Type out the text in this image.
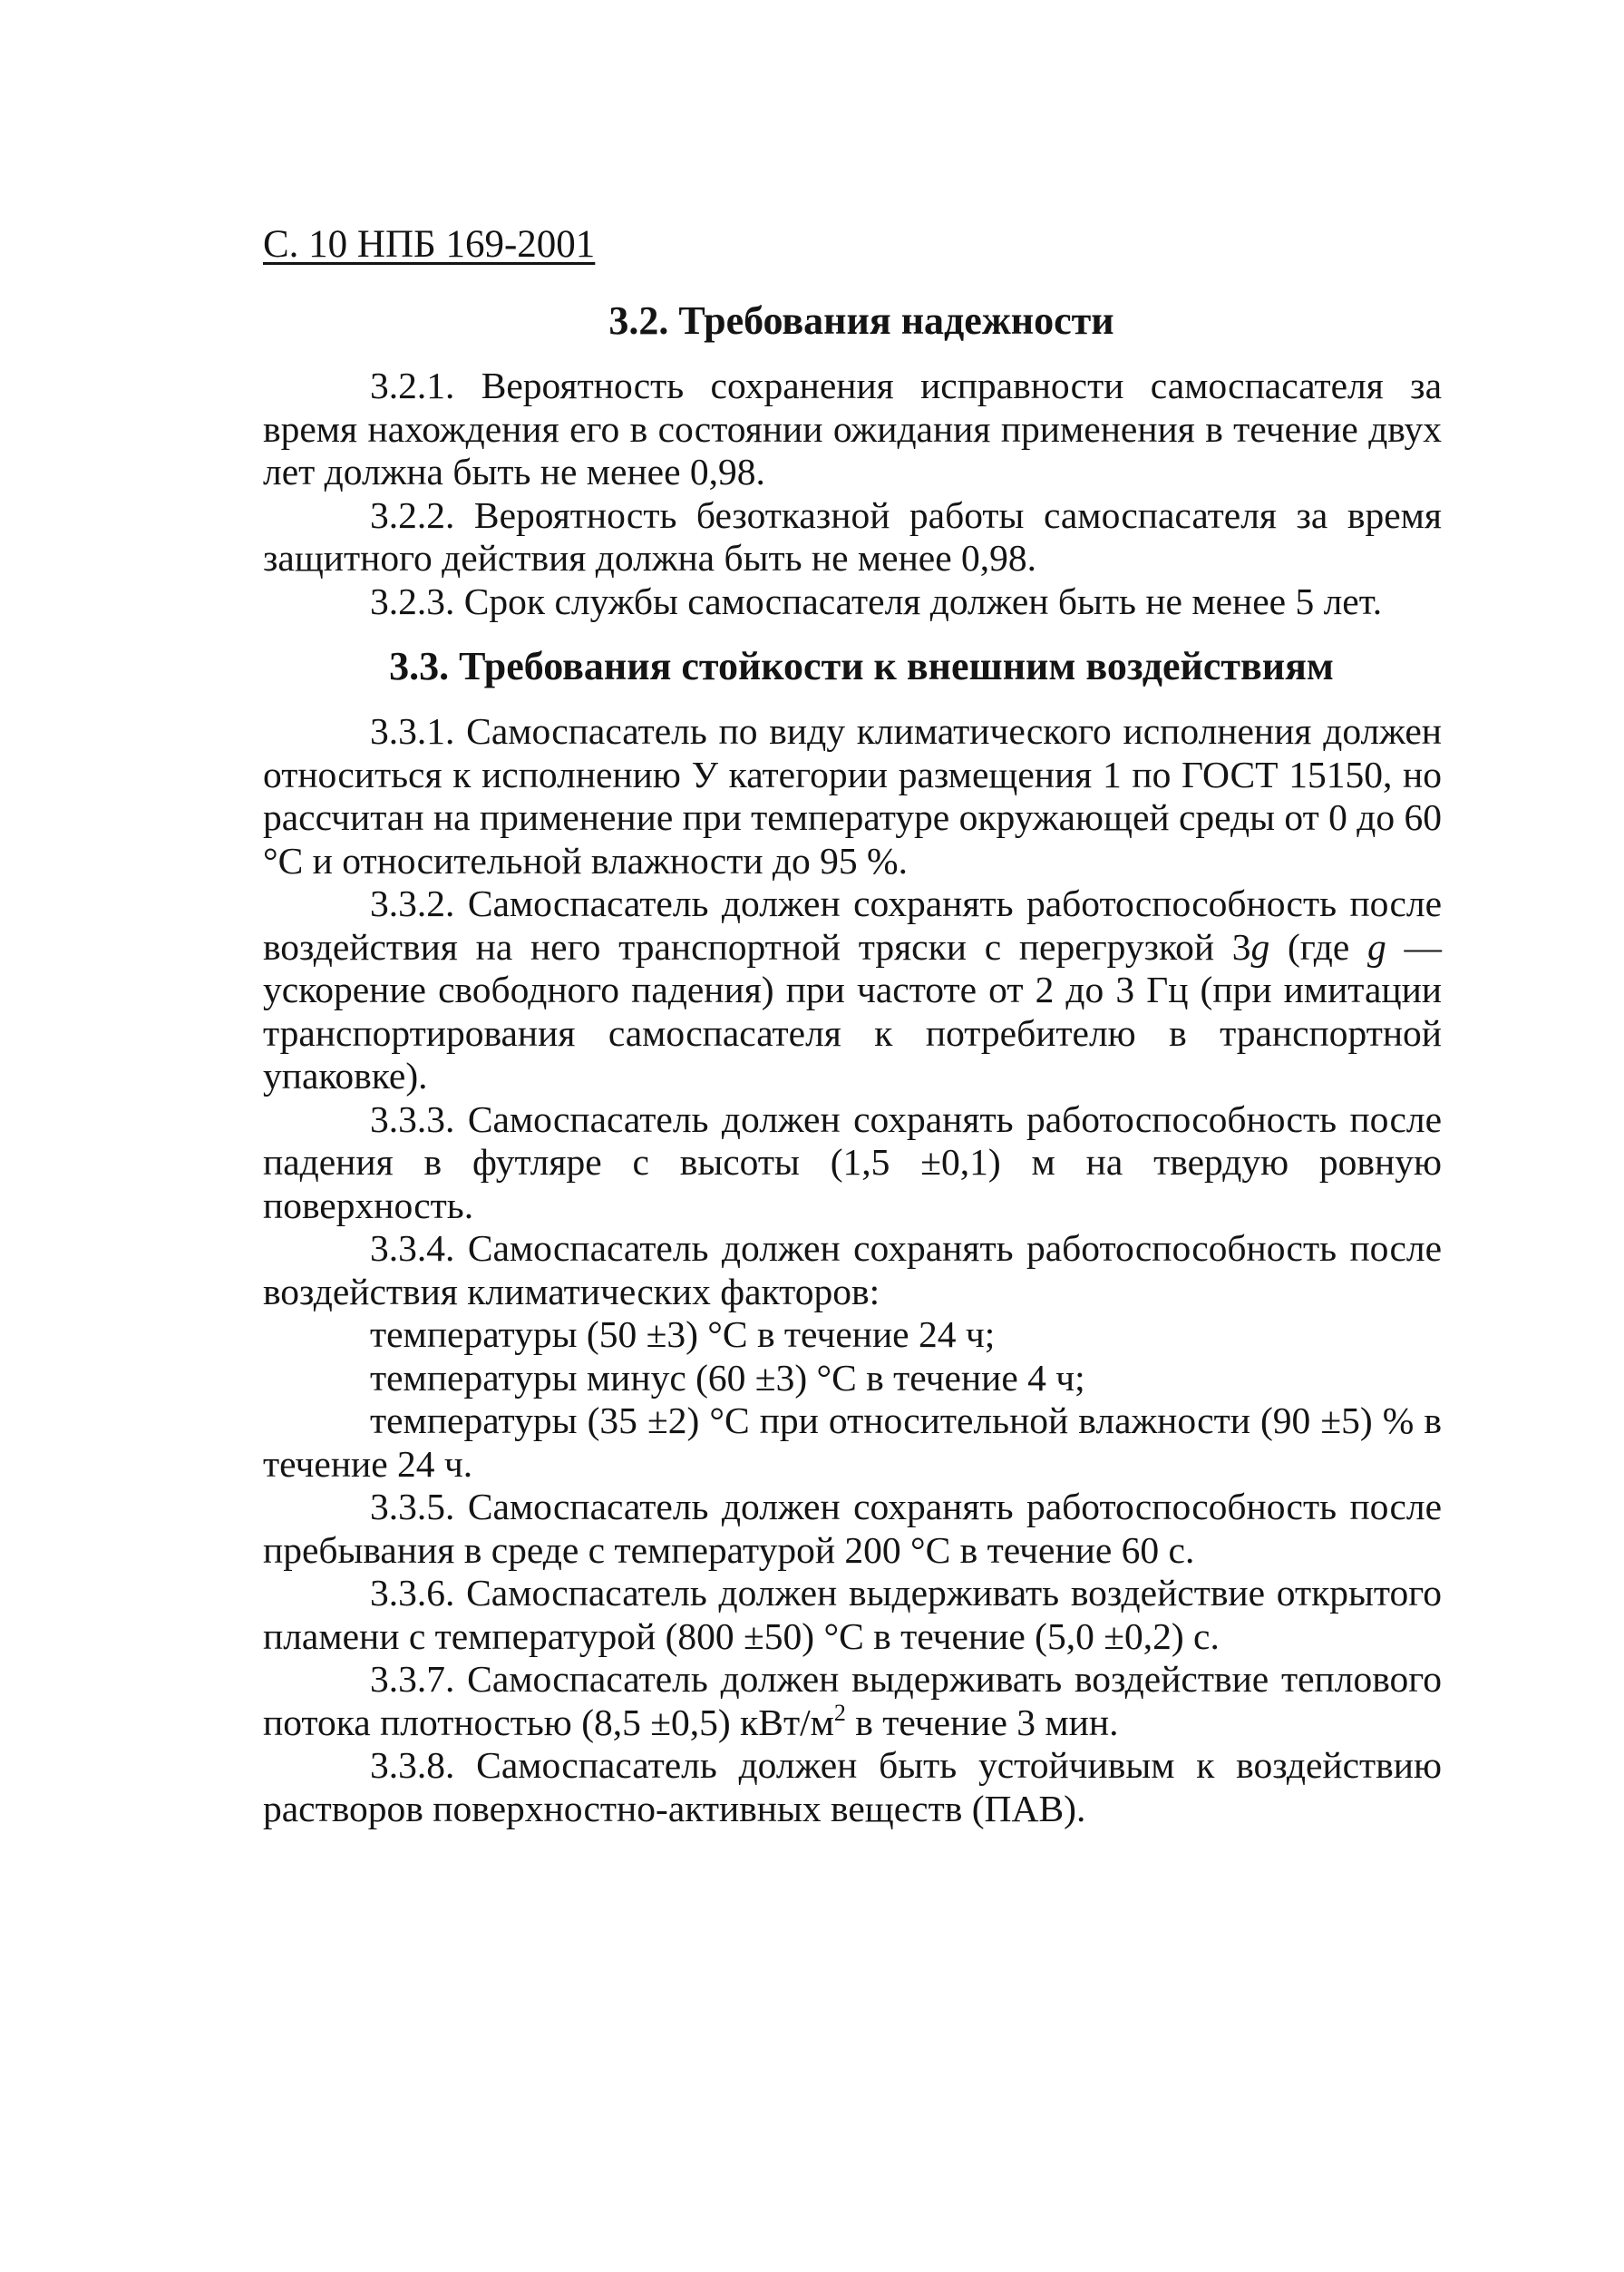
С. 10 НПБ 169-2001
3.2. Требования надежности

3.2.1. Вероятность сохранения исправности самоспасателя за время нахождения его в состоянии ожидания применения в течение двух лет должна быть не менее 0,98.

3.2.2. Вероятность безотказной работы самоспасателя за время защитного действия должна быть не менее 0,98.

3.2.3. Срок службы самоспасателя должен быть не менее 5 лет.

3.3. Требования стойкости к внешним воздействиям

3.3.1. Самоспасатель по виду климатического исполнения должен относиться к исполнению У категории размещения 1 по ГОСТ 15150, но рассчитан на применение при температуре окружающей среды от 0 до 60 °С и относительной влажности до 95 %.

3.3.2. Самоспасатель должен сохранять работоспособность после воздействия на него транспортной тряски с перегрузкой 3g (где g — ускорение свободного падения) при частоте от 2 до 3 Гц (при имитации транспортирования самоспасателя к потребителю в транспортной упаковке).

3.3.3. Самоспасатель должен сохранять работоспособность после падения в футляре с высоты (1,5 ±0,1) м на твердую ровную поверхность.

3.3.4. Самоспасатель должен сохранять работоспособность после воздействия климатических факторов:

температуры (50 ±3) °С в течение 24 ч;

температуры минус (60 ±3) °С в течение 4 ч;

температуры (35 ±2) °С при относительной влажности (90 ±5) % в течение 24 ч.

3.3.5. Самоспасатель должен сохранять работоспособность после пребывания в среде с температурой 200 °С в течение 60 с.

3.3.6. Самоспасатель должен выдерживать воздействие открытого пламени с температурой (800 ±50) °С в течение (5,0 ±0,2) с.

3.3.7. Самоспасатель должен выдерживать воздействие теплового потока плотностью (8,5 ±0,5) кВт/$м^2$ в течение 3 мин.

3.3.8. Самоспасатель должен быть устойчивым к воздействию растворов поверхностно-активных веществ (ПАВ).
